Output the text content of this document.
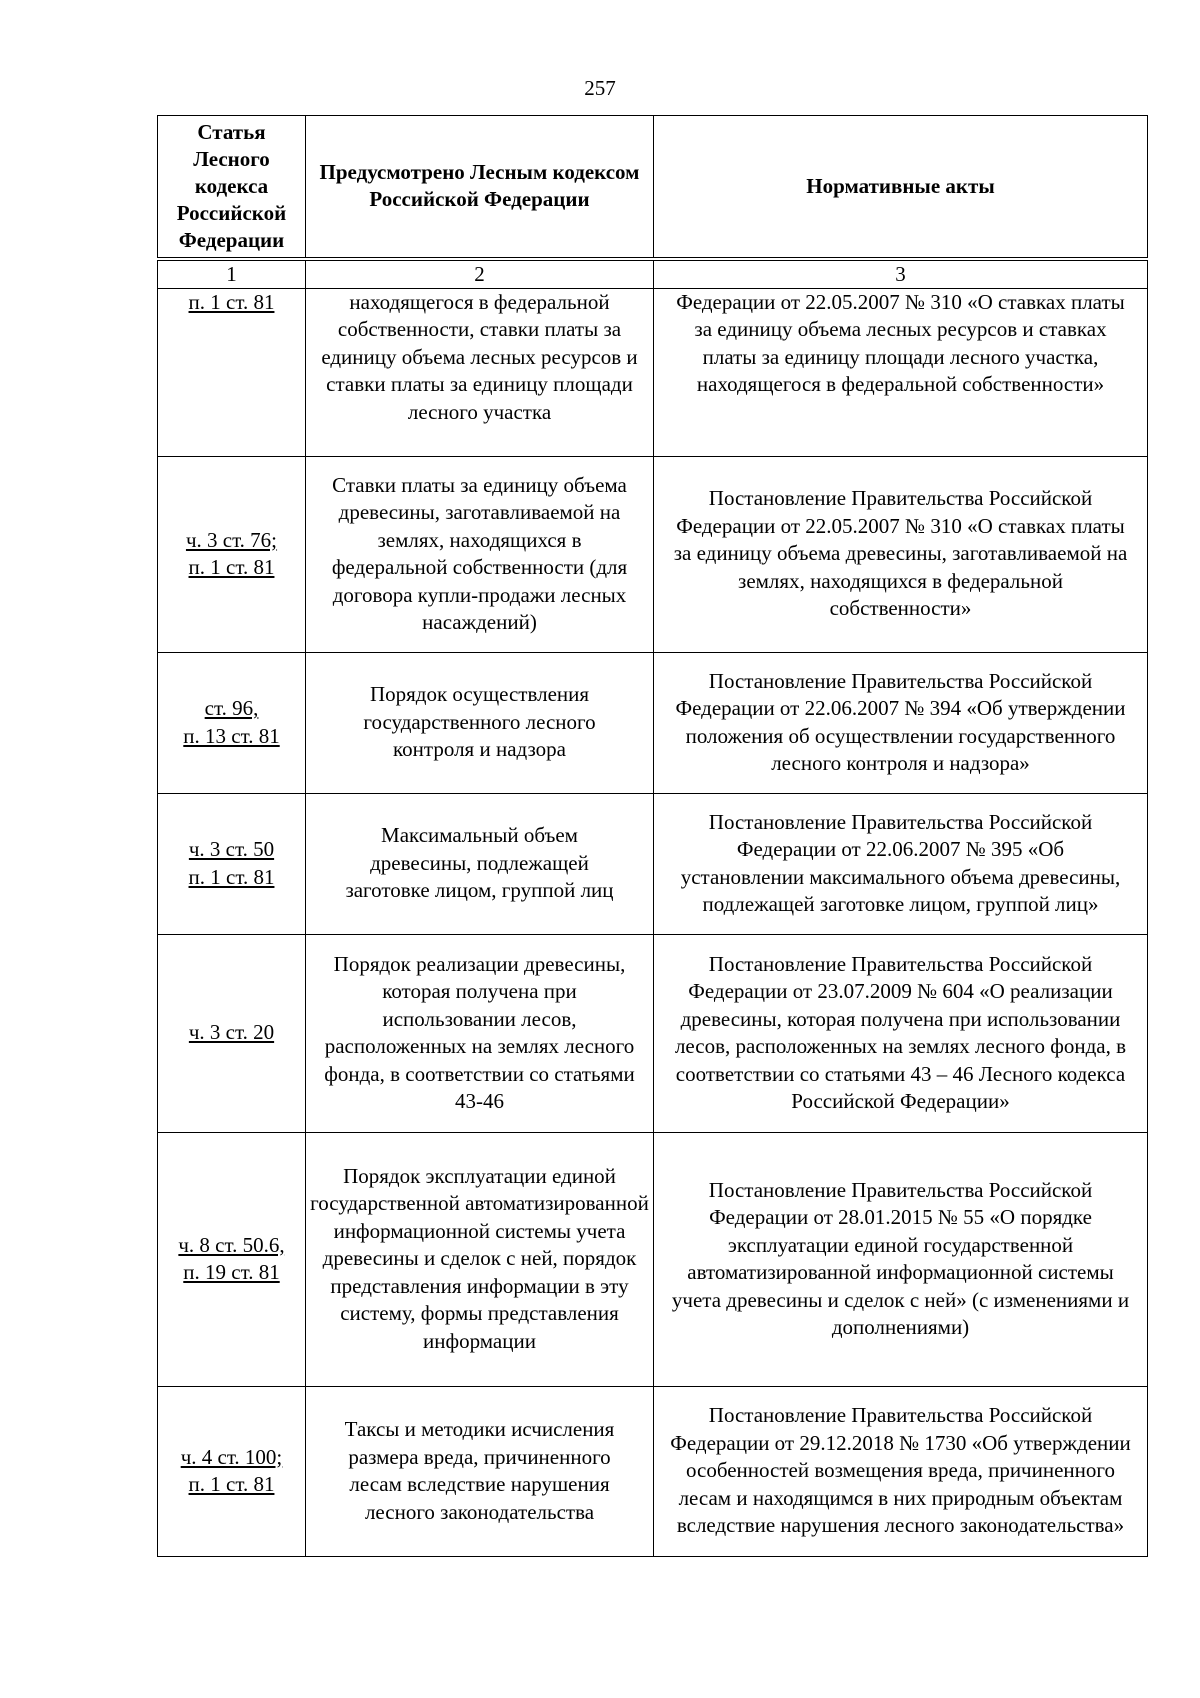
257
Статья Лесного кодекса Российской Федерации	Предусмотрено Лесным кодексом Российской Федерации	Нормативные акты
1	2	3

п. 1 ст. 81	находящегося в федеральной собственности, ставки платы за единицу объема лесных ресурсов и ставки платы за единицу площади лесного участка	Федерации от 22.05.2007 № 310 «О ставках платы за единицу объема лесных ресурсов и ставках платы за единицу площади лесного участка, находящегося в федеральной собственности»

ч. 3 ст. 76;
п. 1 ст. 81	Ставки платы за единицу объема древесины, заготавливаемой на землях, находящихся в федеральной собственности (для договора купли-продажи лесных насаждений)	Постановление Правительства Российской Федерации от 22.05.2007 № 310 «О ставках платы за единицу объема древесины, заготавливаемой на землях, находящихся в федеральной собственности»

ст. 96,
п. 13 ст. 81	Порядок осуществления государственного лесного контроля и надзора	Постановление Правительства Российской Федерации от 22.06.2007 № 394 «Об утверждении положения об осуществлении государственного лесного контроля и надзора»

ч. 3 ст. 50
п. 1 ст. 81	Максимальный объем древесины, подлежащей заготовке лицом, группой лиц	Постановление Правительства Российской Федерации от 22.06.2007 № 395 «Об установлении максимального объема древесины, подлежащей заготовке лицом, группой лиц»

ч. 3 ст. 20	Порядок реализации древесины, которая получена при использовании лесов, расположенных на землях лесного фонда, в соответствии со статьями 43-46	Постановление Правительства Российской Федерации от 23.07.2009 № 604 «О реализации древесины, которая получена при использовании лесов, расположенных на землях лесного фонда, в соответствии со статьями 43 – 46 Лесного кодекса Российской Федерации»

ч. 8 ст. 50.6,
п. 19 ст. 81	Порядок эксплуатации единой государственной автоматизированной информационной системы учета древесины и сделок с ней, порядок представления информации в эту систему, формы представления информации	Постановление Правительства Российской Федерации от 28.01.2015 № 55 «О порядке эксплуатации единой государственной автоматизированной информационной системы учета древесины и сделок с ней» (с изменениями и дополнениями)

ч. 4 ст. 100;
п. 1 ст. 81	Таксы и методики исчисления размера вреда, причиненного лесам вследствие нарушения лесного законодательства	Постановление Правительства Российской Федерации от 29.12.2018 № 1730 «Об утверждении особенностей возмещения вреда, причиненного лесам и находящимся в них природным объектам вследствие нарушения лесного законодательства»
